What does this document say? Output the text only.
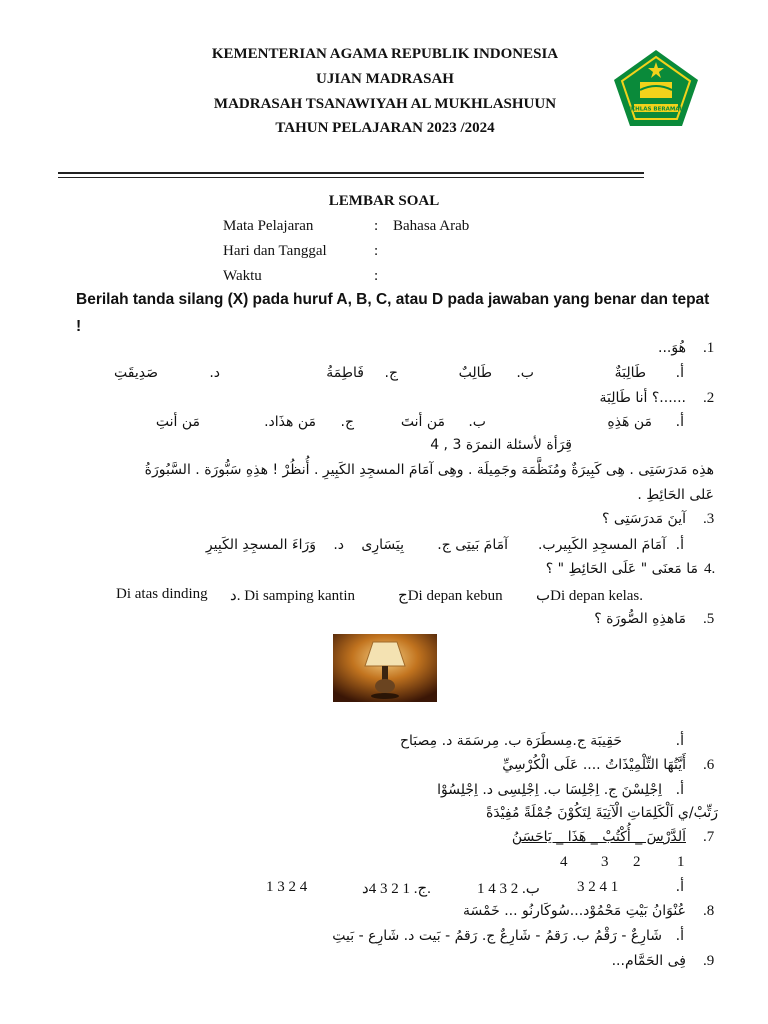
KEMENTERIAN AGAMA REPUBLIK INDONESIA
UJIAN MADRASAH
MADRASAH TSANAWIYAH AL MUKHLASHUUN
TAHUN PELAJARAN 2023 /2024
IKHLAS BERAMAL
LEMBAR SOAL
Mata Pelajaran	: Bahasa Arab
Hari dan Tanggal	:
Waktu	:
Berilah tanda silang (X) pada huruf A, B, C, atau D pada jawaban yang benar dan tepat !
.1
هُوَ...
أ.
طَالِبَةٌ
ب.
طَالِبٌ
ج.
فَاطِمَةُ
د.
صَدِيقَتِ
.2
......؟ أنا طَالِبَة
أ.
مَن هَذِهِ
ب.
مَن أنتَ
ج.
مَن هذَاد.
مَن أنتِ
قِرَأة لأسئلة النمرَة 3 , 4
هذِه مَدرَسَتِى . هِى كَبِيرَةٌ ومُنَظَّمَة وجَمِيلَة . وهِى آمَامَ المسجِدِ الكَبِيرِ . أُنظُرْ ! هذِهِ سَبُّورَة . السَّبُورَةُ
عَلى الحَائِطِ .
.3
آينَ مَدرَسَتِى ؟
أ.
آمَامَ المسجِدِ الكَبِيرب.
آمَامَ بَيتِى ج.
بِيَسَارِى
د.
وَرَاءَ المسجِدِ الكَبِيرِ
4.
مَا مَعنَى " عَلَى الحَائِطِ " ؟
Di atas dinding د. Di samping kantin	جDi depan kebun بDi depan kelas.
.5
مَاهذِهِ الصُّورَة ؟
أ.
حَقِيبَة ج.مِسطَرَة ب. مِرسَمَة د. مِصبَاح
.6
أَيَّتُهَا التِّلْمِيْذَاتُ .... عَلَى الْكُرْسِيِّ
أ.
اِجْلِسْنَ ج. اِجْلِسَا ب. اِجْلِسِى د. اِجْلِسُوْا
رَتِّبْ/ي اَلْكَلِمَاتِ الْآتِيَةَ لِتَكُوْنَ جُمْلَةً مُفِيْدَةً
.7
اَلدَّرْسَ _ أُكْتُبْ _ هَذَا _ يَاحَسَنُ
4 3 2 1
أ.
3 2 4 1
ب. 2 3 4 1
ج. 1 2 3 4د.
1 3 2 4
.8
عُنْوَانُ بَيْتِ مَحْمُوْد...سُوكَارنُو ... خَمْسَة
أ.
شَارِعٌ - رَقْمُ ب. رَقمُ - شَارِعٌ ج. رَقمُ - بَيت د. شَارِع - بَيتِ
.9
فِى الحَمَّام...
